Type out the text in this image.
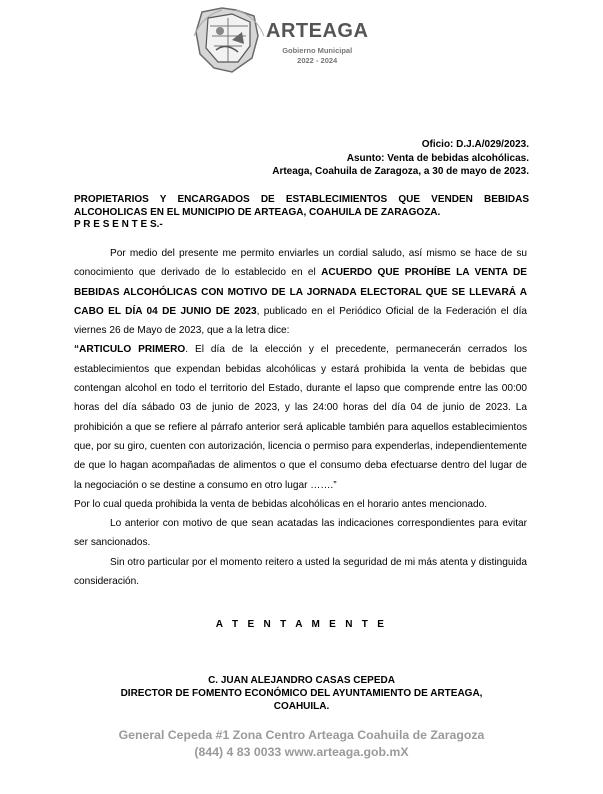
ARTEAGA
Gobierno Municipal
2022 - 2024
Oficio: D.J.A/029/2023.
Asunto: Venta de bebidas alcohólicas.
Arteaga, Coahuila de Zaragoza, a 30 de mayo de 2023.
PROPIETARIOS Y ENCARGADOS DE ESTABLECIMIENTOS QUE VENDEN BEBIDAS ALCOHOLICAS EN EL MUNICIPIO DE ARTEAGA, COAHUILA DE ZARAGOZA.
P R E S E N T E S.-

Por medio del presente me permito enviarles un cordial saludo, así mismo se hace de su conocimiento que derivado de lo establecido en el ACUERDO QUE PROHÍBE LA VENTA DE BEBIDAS ALCOHÓLICAS CON MOTIVO DE LA JORNADA ELECTORAL QUE SE LLEVARÁ A CABO EL DÍA 04 DE JUNIO DE 2023, publicado en el Periódico Oficial de la Federación el día viernes 26 de Mayo de 2023, que a la letra dice:

“ARTICULO PRIMERO. El día de la elección y el precedente, permanecerán cerrados los establecimientos que expendan bebidas alcohólicas y estará prohibida la venta de bebidas que contengan alcohol en todo el territorio del Estado, durante el lapso que comprende entre las 00:00 horas del día sábado 03 de junio de 2023, y las 24:00 horas del día 04 de junio de 2023. La prohibición a que se refiere al párrafo anterior será aplicable también para aquellos establecimientos que, por su giro, cuenten con autorización, licencia o permiso para expenderlas, independientemente de que lo hagan acompañadas de alimentos o que el consumo deba efectuarse dentro del lugar de la negociación o se destine a consumo en otro lugar …….”

Por lo cual queda prohibida la venta de bebidas alcohólicas en el horario antes mencionado.

Lo anterior con motivo de que sean acatadas las indicaciones correspondientes para evitar ser sancionados.

Sin otro particular por el momento reitero a usted la seguridad de mi más atenta y distinguida consideración.

A T E N T A M E N T E
C. JUAN ALEJANDRO CASAS CEPEDA
DIRECTOR DE FOMENTO ECONÓMICO DEL AYUNTAMIENTO DE ARTEAGA,
COAHUILA.
General Cepeda #1 Zona Centro Arteaga Coahuila de Zaragoza
(844) 4 83 0033 www.arteaga.gob.mX
